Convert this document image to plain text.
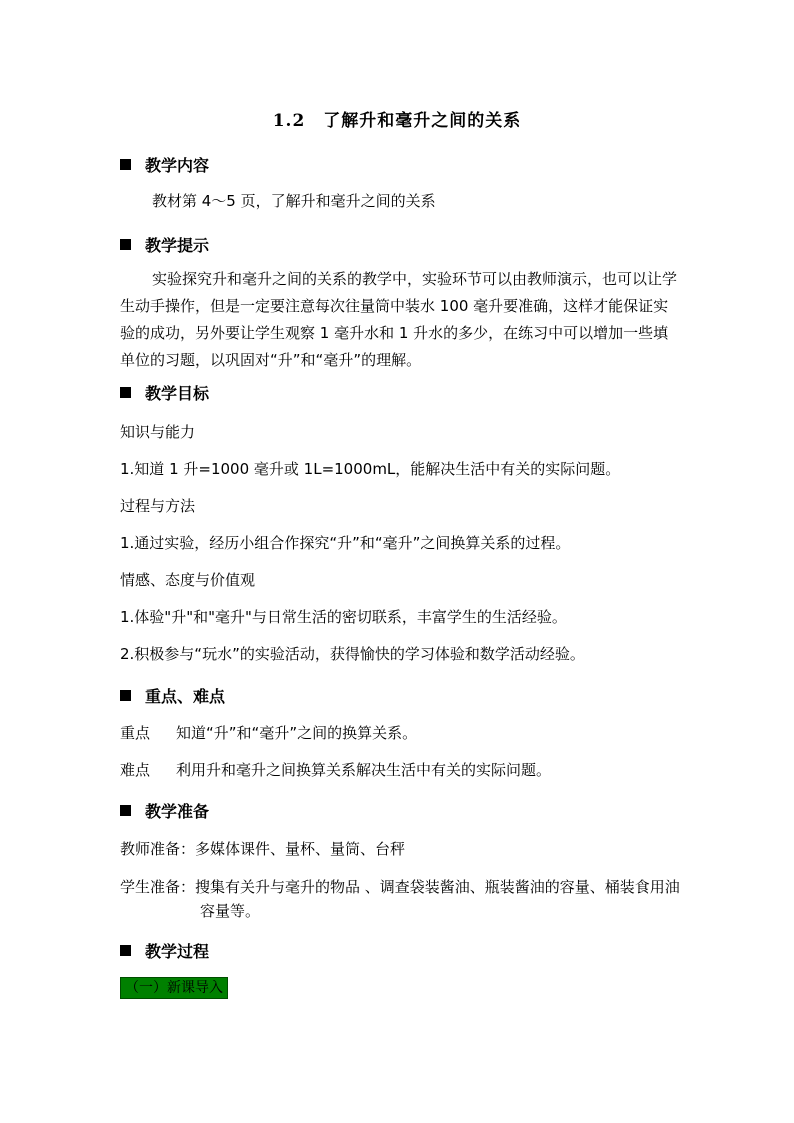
1.2　了解升和毫升之间的关系
教学内容
教材第 4～5 页，了解升和毫升之间的关系
教学提示

实验探究升和毫升之间的关系的教学中，实验环节可以由教师演示，也可以让学生动手操作，但是一定要注意每次往量筒中装水 100 毫升要准确，这样才能保证实验的成功，另外要让学生观察 1 毫升水和 1 升水的多少，在练习中可以增加一些填单位的习题，以巩固对“升”和“毫升”的理解。

教学目标
知识与能力
1.知道 1 升=1000 毫升或 1L=1000mL，能解决生活中有关的实际问题。
过程与方法
1.通过实验，经历小组合作探究“升”和“毫升”之间换算关系的过程。
情感、态度与价值观
1.体验"升"和"毫升"与日常生活的密切联系，丰富学生的生活经验。
2.积极参与“玩水”的实验活动，获得愉快的学习体验和数学活动经验。
重点、难点
重点 知道“升”和“毫升”之间的换算关系。
难点 利用升和毫升之间换算关系解决生活中有关的实际问题。
教学准备
教师准备：多媒体课件、量杯、量筒、台秤
学生准备：搜集有关升与毫升的物品 、调查袋装酱油、瓶装酱油的容量、桶装食用油容量等。
教学过程
（一）新课导入
